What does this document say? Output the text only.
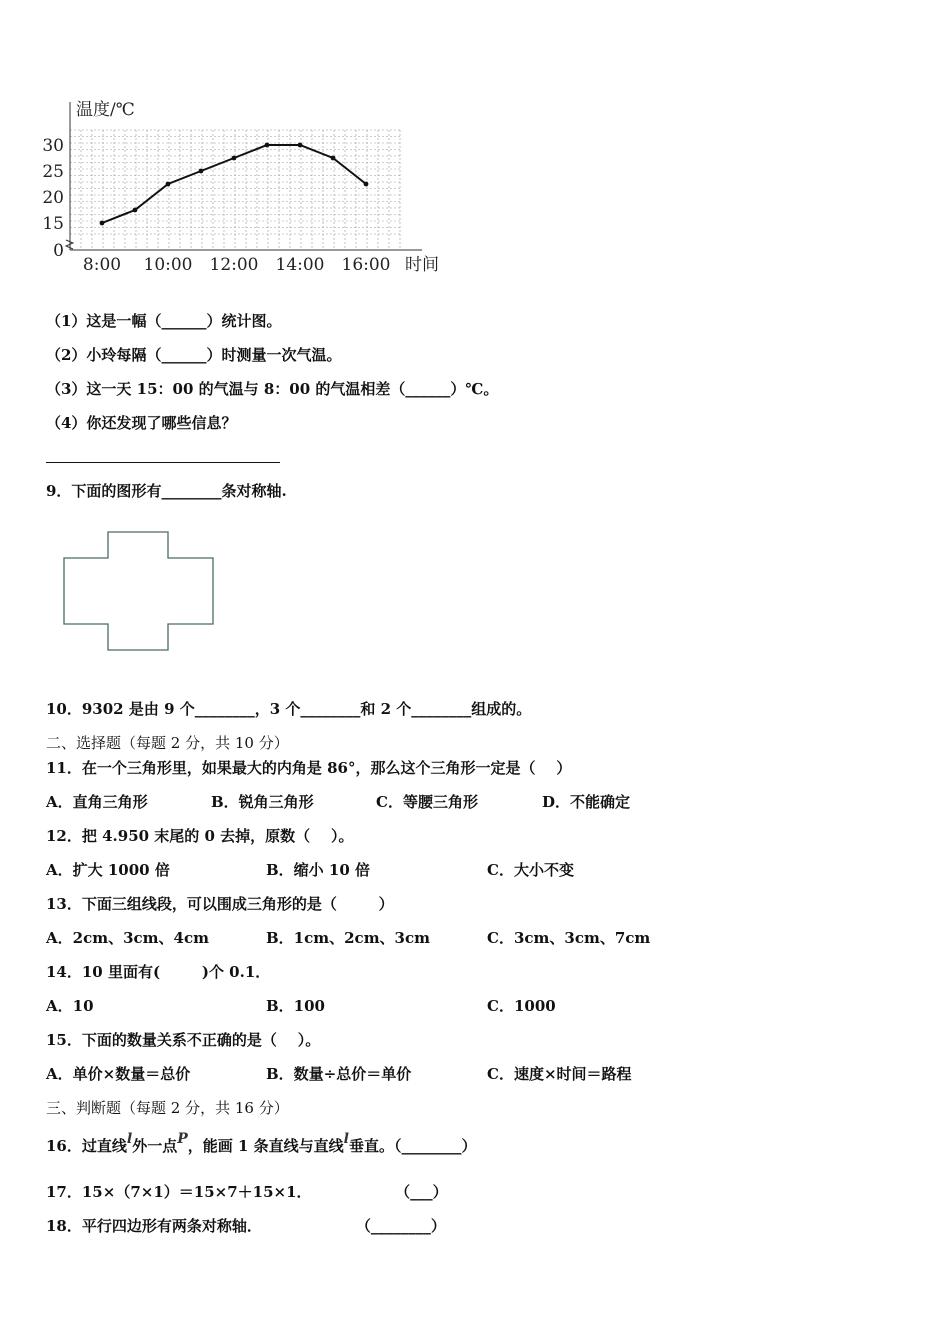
温度/℃
时间
30
25
20
15
0
8:00 10:00 12:00 14:00 16:00
（1）这是一幅（______）统计图。
（2）小玲每隔（______）时测量一次气温。
（3）这一天 15：00 的气温与 8：00 的气温相差（______）℃。
（4）你还发现了哪些信息？
9．下面的图形有________条对称轴.
10．9302 是由 9 个________，3 个________和 2 个________组成的。
二、选择题（每题 2 分，共 10 分）
11．在一个三角形里，如果最大的内角是 86°，那么这个三角形一定是（    ）
A．直角三角形	B．锐角三角形	C．等腰三角形	D．不能确定
12．把 4.950 末尾的 0 去掉，原数（    ）。
A．扩大 1000 倍	B．缩小 10 倍	C．大小不变
13．下面三组线段，可以围成三角形的是（        ）
A．2cm、3cm、4cm	B．1cm、2cm、3cm	C．3cm、3cm、7cm
14．10 里面有(        )个 0.1．
A．10	B．100	C．1000
15．下面的数量关系不正确的是（    ）。
A．单价×数量＝总价	B．数量÷总价＝单价	C．速度×时间＝路程
三、判断题（每题 2 分，共 16 分）
16．过直线l外一点P，能画 1 条直线与直线l垂直。（________）
17．15×（7×1）＝15×7＋15×1．                （___）
18．平行四边形有两条对称轴．                  （________）
